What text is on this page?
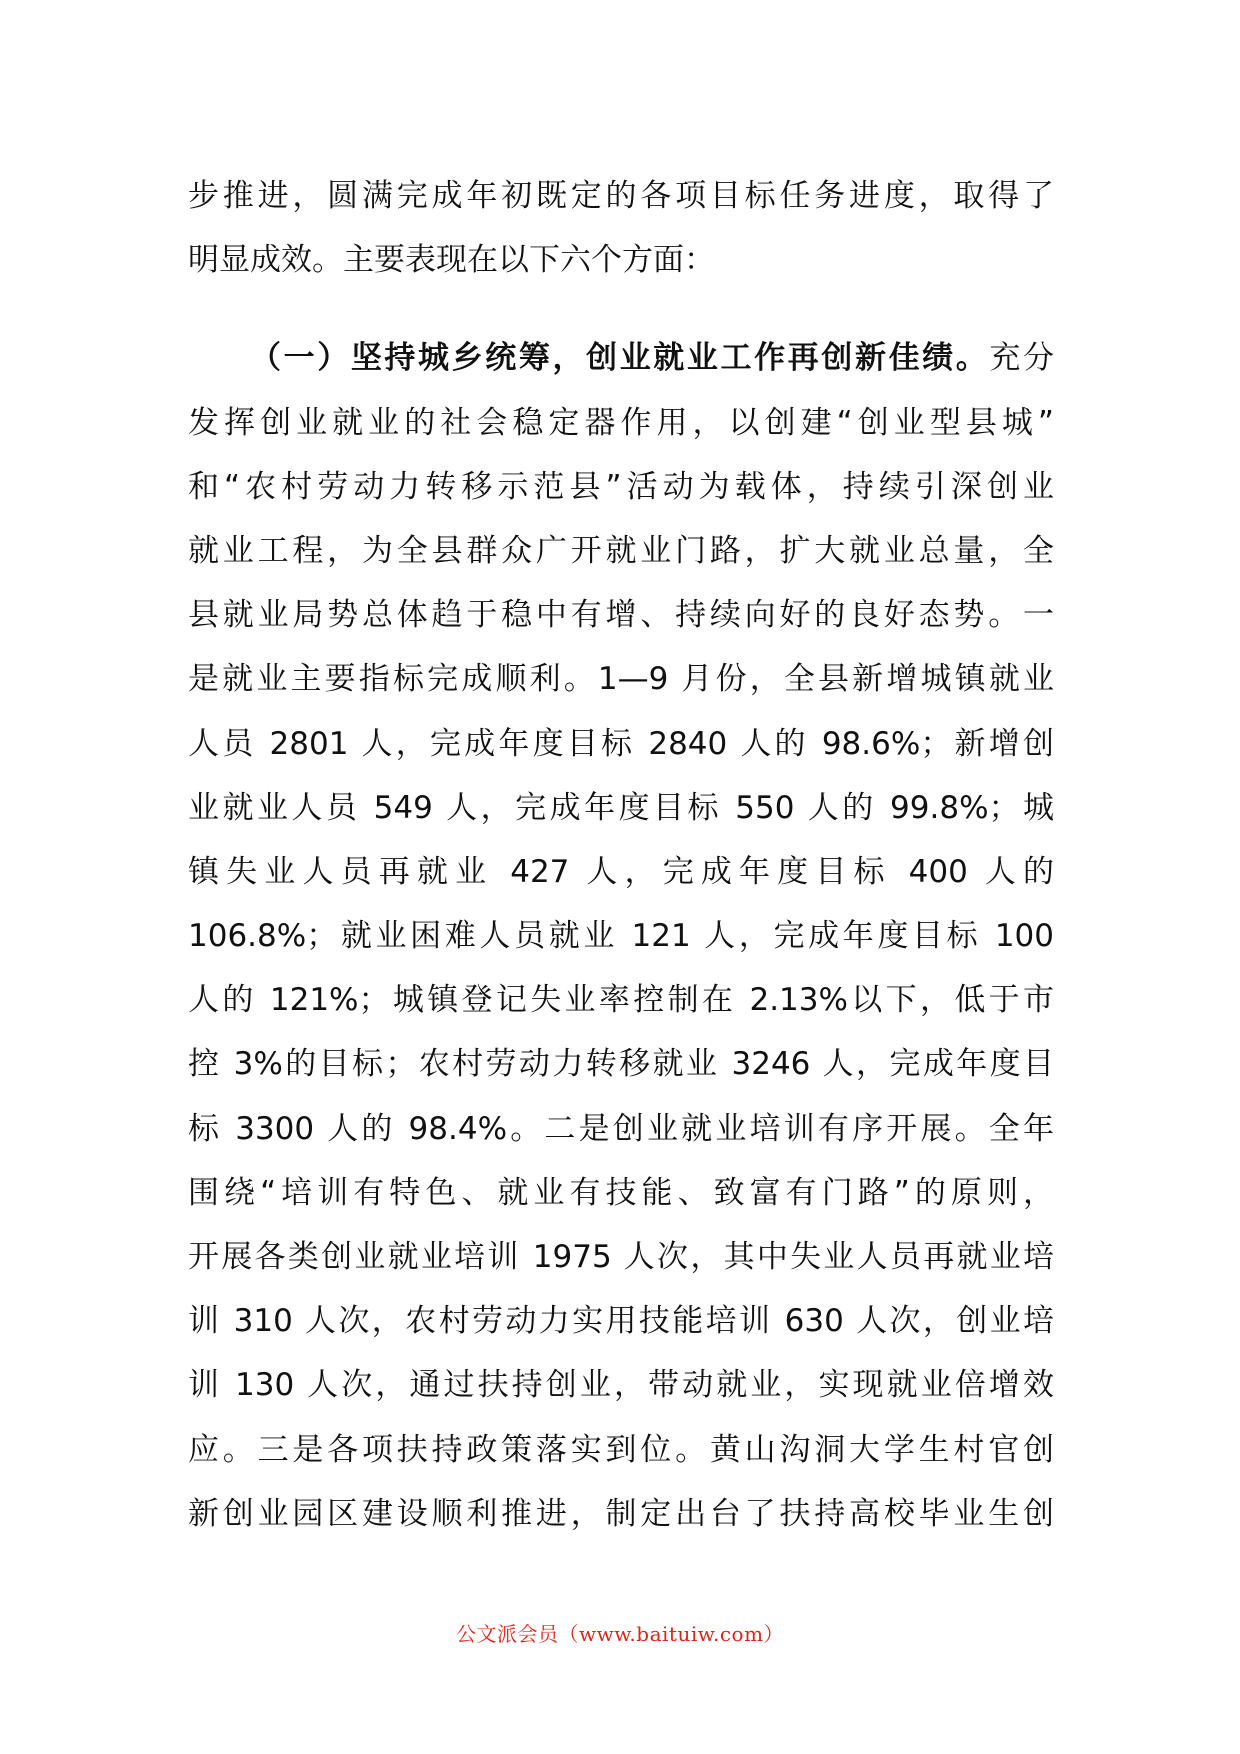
步推进，圆满完成年初既定的各项目标任务进度，取得了
明显成效。主要表现在以下六个方面：
（一）坚持城乡统筹，创业就业工作再创新佳绩。充分
发挥创业就业的社会稳定器作用，以创建“创业型县城”
和“农村劳动力转移示范县”活动为载体，持续引深创业
就业工程，为全县群众广开就业门路，扩大就业总量，全
县就业局势总体趋于稳中有增、持续向好的良好态势。一
是就业主要指标完成顺利。1—9 月份，全县新增城镇就业
人员 2801 人，完成年度目标 2840 人的 98.6%；新增创
业就业人员 549 人，完成年度目标 550 人的 99.8%；城
镇失业人员再就业 427 人，完成年度目标 400 人的
106.8%；就业困难人员就业 121 人，完成年度目标 100
人的 121%；城镇登记失业率控制在 2.13%以下，低于市
控 3%的目标；农村劳动力转移就业 3246 人，完成年度目
标 3300 人的 98.4%。二是创业就业培训有序开展。全年
围绕“培训有特色、就业有技能、致富有门路”的原则，
开展各类创业就业培训 1975 人次，其中失业人员再就业培
训 310 人次，农村劳动力实用技能培训 630 人次，创业培
训 130 人次，通过扶持创业，带动就业，实现就业倍增效
应。三是各项扶持政策落实到位。黄山沟洞大学生村官创
新创业园区建设顺利推进，制定出台了扶持高校毕业生创
公文派会员（www.baituiw.com）
